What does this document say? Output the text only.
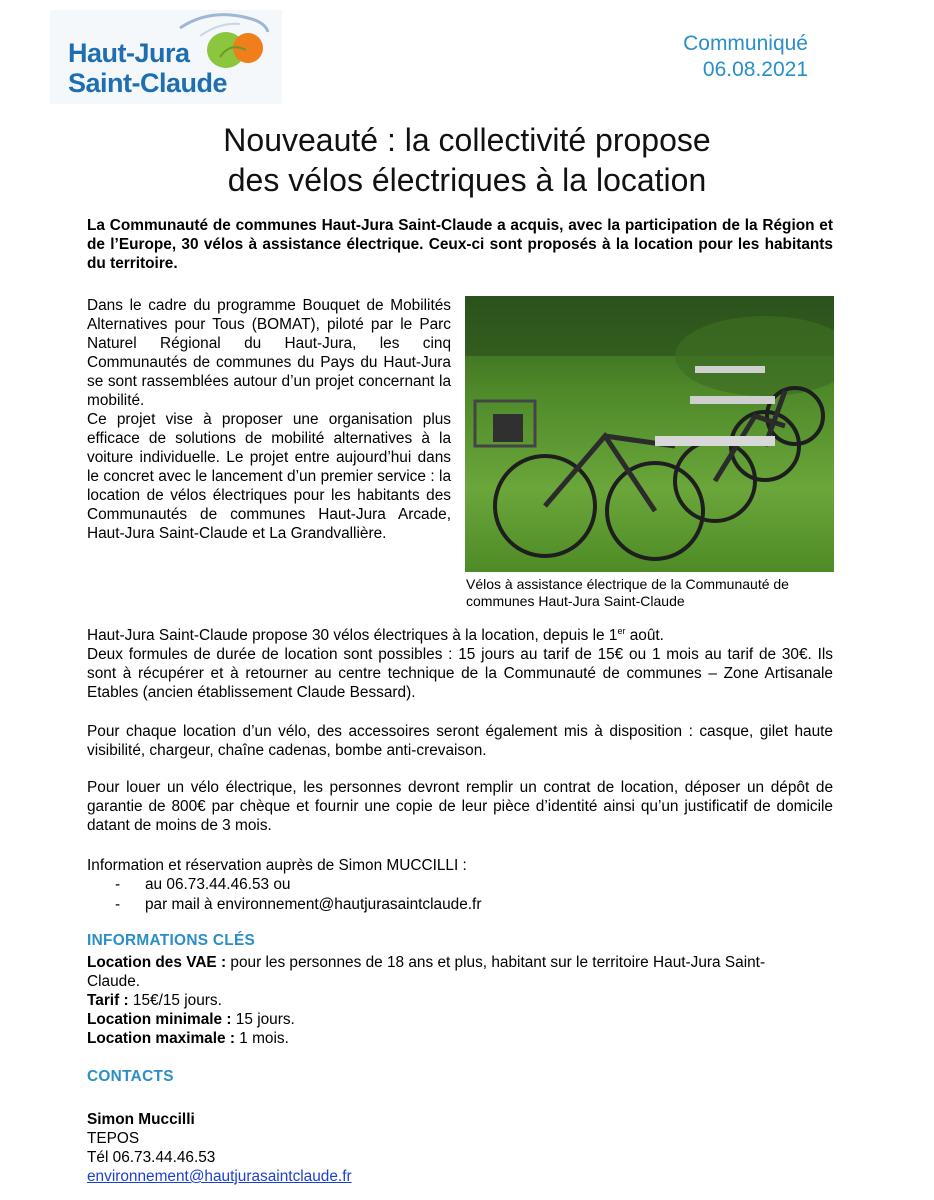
Haut-Jura
Saint-Claude
Communiqué
06.08.2021
Nouveauté : la collectivité propose
des vélos électriques à la location
La Communauté de communes Haut-Jura Saint-Claude a acquis, avec la participation de la Région et de l’Europe, 30 vélos à assistance électrique. Ceux-ci sont proposés à la location pour les habitants du territoire.
Dans le cadre du programme Bouquet de Mobilités Alternatives pour Tous (BOMAT), piloté par le Parc Naturel Régional du Haut-Jura, les cinq Communautés de communes du Pays du Haut-Jura se sont rassemblées autour d’un projet concernant la mobilité.
Ce projet vise à proposer une organisation plus efficace de solutions de mobilité alternatives à la voiture individuelle. Le projet entre aujourd’hui dans le concret avec le lancement d’un premier service : la location de vélos électriques pour les habitants des Communautés de communes Haut-Jura Arcade, Haut-Jura Saint-Claude et La Grandvallière.
Vélos à assistance électrique de la Communauté de communes Haut-Jura Saint-Claude
Haut-Jura Saint-Claude propose 30 vélos électriques à la location, depuis le 1er août.
Deux formules de durée de location sont possibles : 15 jours au tarif de 15€ ou 1 mois au tarif de 30€. Ils sont à récupérer et à retourner au centre technique de la Communauté de communes – Zone Artisanale Etables (ancien établissement Claude Bessard).
Pour chaque location d’un vélo, des accessoires seront également mis à disposition : casque, gilet haute visibilité, chargeur, chaîne cadenas, bombe anti-crevaison.
Pour louer un vélo électrique, les personnes devront remplir un contrat de location, déposer un dépôt de garantie de 800€ par chèque et fournir une copie de leur pièce d’identité ainsi qu’un justificatif de domicile datant de moins de 3 mois.
Information et réservation auprès de Simon MUCCILLI :
- au 06.73.44.46.53 ou
- par mail à environnement@hautjurasaintclaude.fr
INFORMATIONS CLÉS
Location des VAE : pour les personnes de 18 ans et plus, habitant sur le territoire Haut-Jura Saint-Claude.
Tarif : 15€/15 jours.
Location minimale : 15 jours.
Location maximale : 1 mois.
CONTACTS
Simon Muccilli
TEPOS
Tél 06.73.44.46.53
environnement@hautjurasaintclaude.fr
